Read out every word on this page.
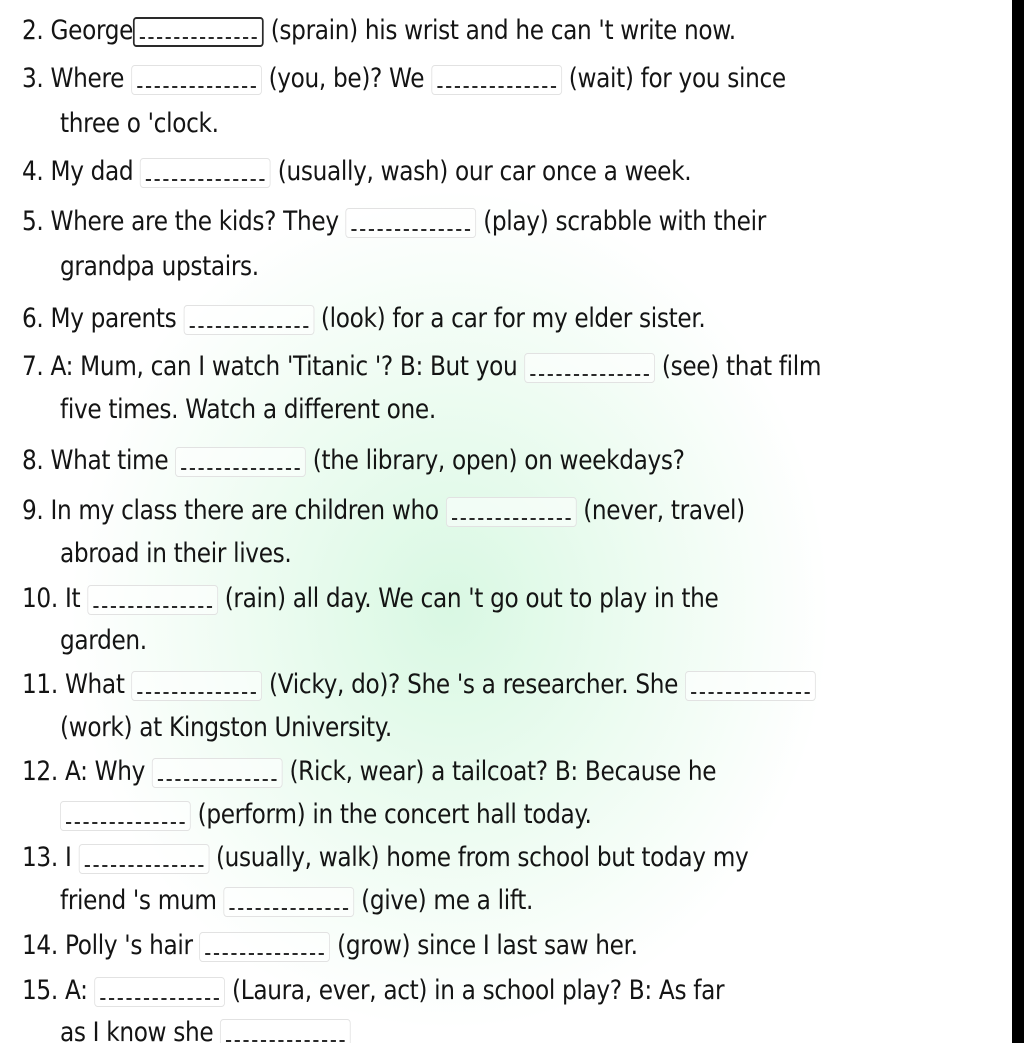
2. George	(sprain) his wrist and he can 't write now.
3. Where	(you, be)? We	(wait) for you since
three o 'clock.
4. My dad	(usually, wash) our car once a week.
5. Where are the kids? They	(play) scrabble with their
grandpa upstairs.
6. My parents	(look) for a car for my elder sister.
7. A: Mum, can I watch 'Titanic '? B: But you	(see) that film
five times. Watch a different one.
8. What time	(the library, open) on weekdays?
9. In my class there are children who	(never, travel)
abroad in their lives.
10. It	(rain) all day. We can 't go out to play in the
garden.
11. What	(Vicky, do)? She 's a researcher. She
(work) at Kingston University.
12. A: Why	(Rick, wear) a tailcoat? B: Because he
(perform) in the concert hall today.
13. I	(usually, walk) home from school but today my
friend 's mum	(give) me a lift.
14. Polly 's hair	(grow) since I last saw her.
15. A:	(Laura, ever, act) in a school play? B: As far
as I know she
